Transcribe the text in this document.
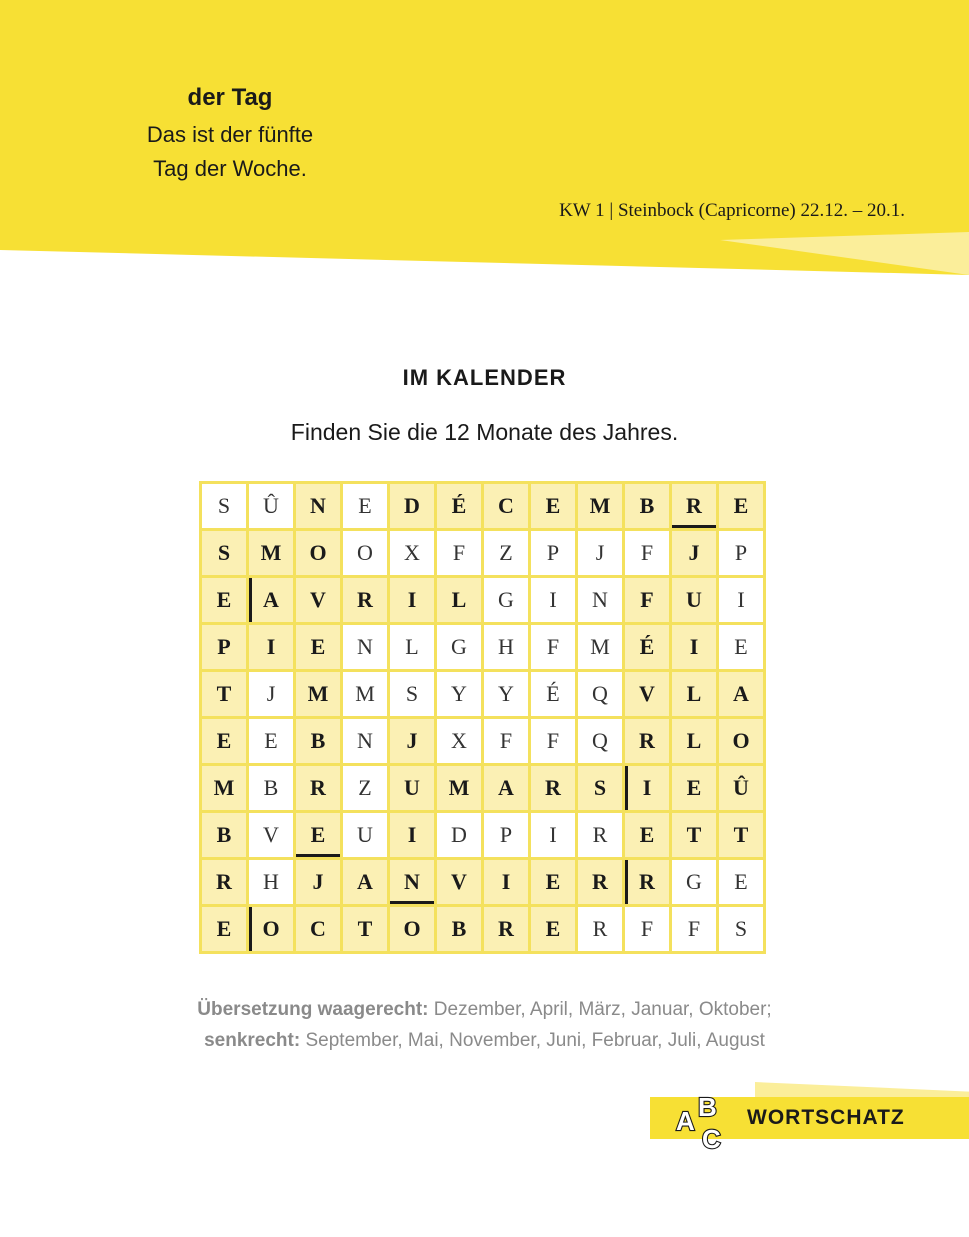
der Tag
Das ist der fünfte
Tag der Woche.
KW 1 | Steinbock (Capricorne) 22.12. – 20.1.
IM KALENDER
Finden Sie die 12 Monate des Jahres.
S	Û	N	E	D	É	C	E	M	B	R	E
S	M	O	O	X	F	Z	P	J	F	J	P
E	A	V	R	I	L	G	I	N	F	U	I
P	I	E	N	L	G	H	F	M	É	I	E
T	J	M	M	S	Y	Y	É	Q	V	L	A
E	E	B	N	J	X	F	F	Q	R	L	O
M	B	R	Z	U	M	A	R	S	I	E	Û
B	V	E	U	I	D	P	I	R	E	T	T
R	H	J	A	N	V	I	E	R	R	G	E
E	O	C	T	O	B	R	E	R	F	F	S
Übersetzung waagerecht: Dezember, April, März, Januar, Oktober;
senkrecht: September, Mai, November, Juni, Februar, Juli, August
A B
C
WORTSCHATZ
